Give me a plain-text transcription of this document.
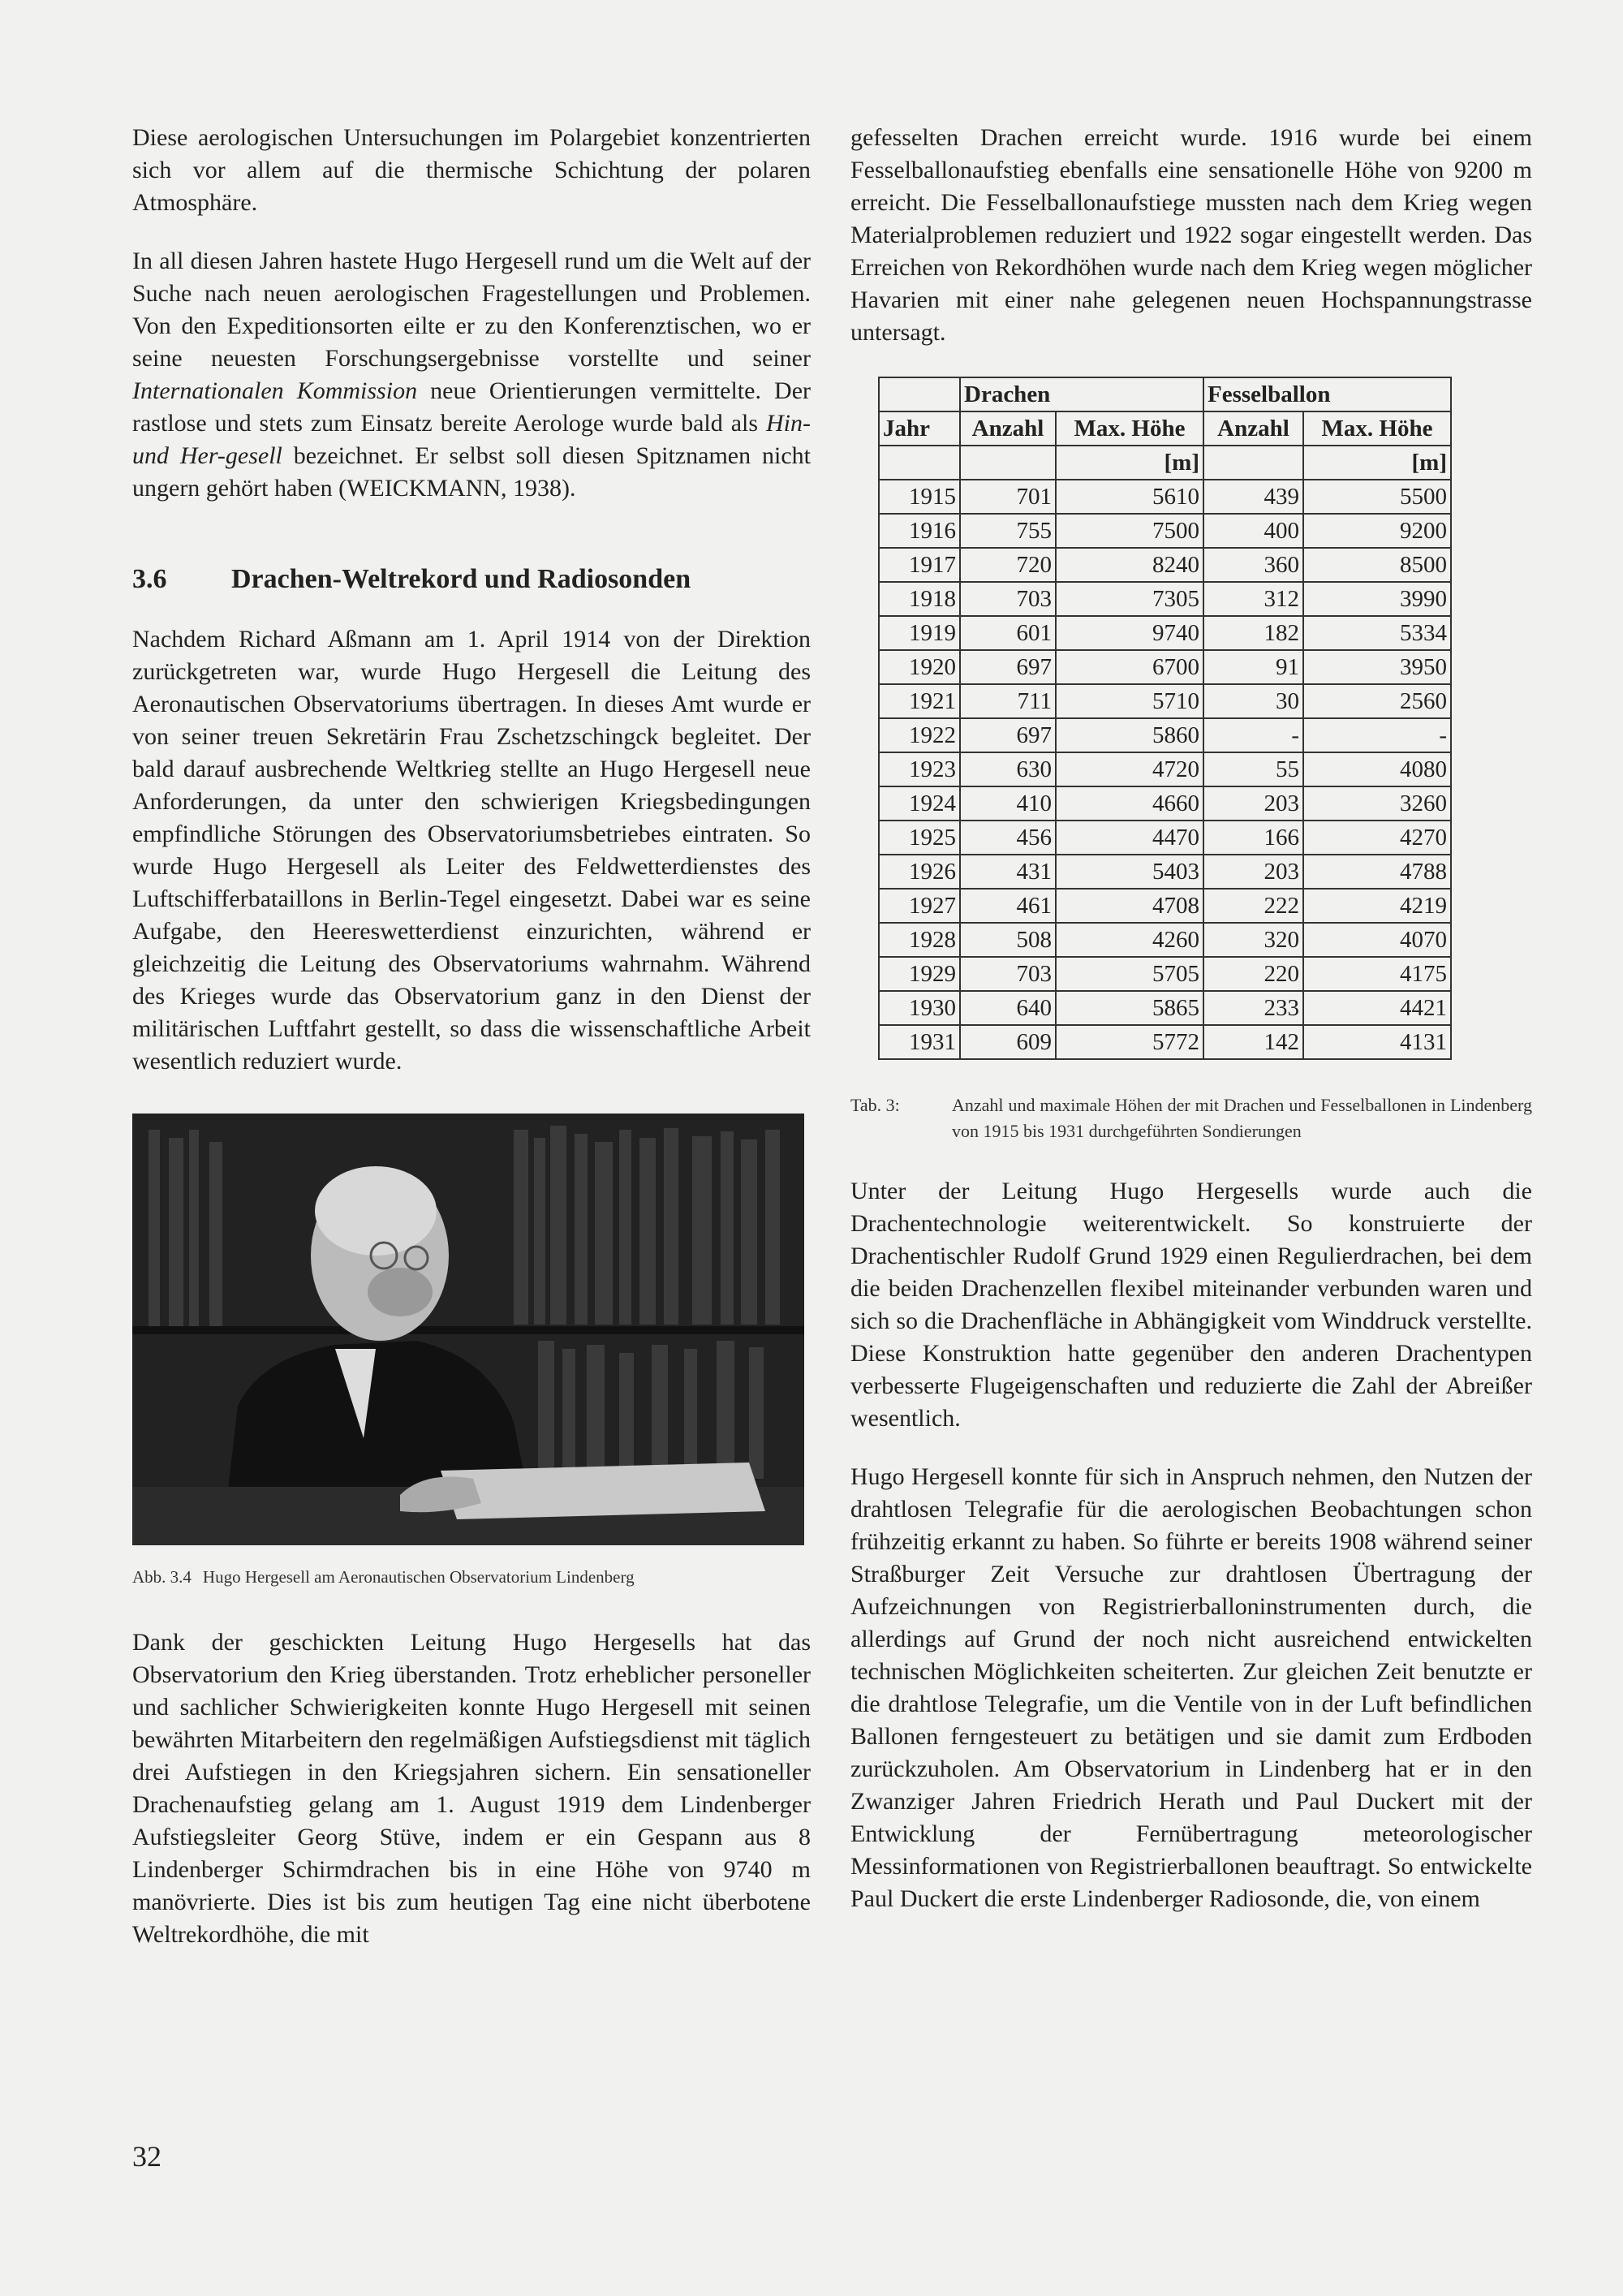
Diese aerologischen Untersuchungen im Polargebiet konzentrierten sich vor allem auf die thermische Schichtung der polaren Atmosphäre.

In all diesen Jahren hastete Hugo Hergesell rund um die Welt auf der Suche nach neuen aerologischen Fragestellungen und Problemen. Von den Expeditionsorten eilte er zu den Konferenztischen, wo er seine neuesten Forschungsergebnisse vorstellte und seiner Internationalen Kommission neue Orientierungen vermittelte. Der rastlose und stets zum Einsatz bereite Aerologe wurde bald als Hin- und Her-gesell bezeichnet. Er selbst soll diesen Spitznamen nicht ungern gehört haben (WEICKMANN, 1938).

3.6 Drachen-Weltrekord und Radiosonden

Nachdem Richard Aßmann am 1. April 1914 von der Direktion zurückgetreten war, wurde Hugo Hergesell die Leitung des Aeronautischen Observatoriums übertragen. In dieses Amt wurde er von seiner treuen Sekretärin Frau Zschetzschingck begleitet. Der bald darauf ausbrechende Weltkrieg stellte an Hugo Hergesell neue Anforderungen, da unter den schwierigen Kriegsbedingungen empfindliche Störungen des Observatoriumsbetriebes eintraten. So wurde Hugo Hergesell als Leiter des Feldwetterdienstes des Luftschifferbataillons in Berlin-Tegel eingesetzt. Dabei war es seine Aufgabe, den Heereswetterdienst einzurichten, während er gleichzeitig die Leitung des Observatoriums wahrnahm. Während des Krieges wurde das Observatorium ganz in den Dienst der militärischen Luftfahrt gestellt, so dass die wissenschaftliche Arbeit wesentlich reduziert wurde.

Abb. 3.4 Hugo Hergesell am Aeronautischen Observatorium Lindenberg

Dank der geschickten Leitung Hugo Hergesells hat das Observatorium den Krieg überstanden. Trotz erheblicher personeller und sachlicher Schwierigkeiten konnte Hugo Hergesell mit seinen bewährten Mitarbeitern den regelmäßigen Aufstiegsdienst mit täglich drei Aufstiegen in den Kriegsjahren sichern. Ein sensationeller Drachenaufstieg gelang am 1. August 1919 dem Lindenberger Aufstiegsleiter Georg Stüve, indem er ein Gespann aus 8 Lindenberger Schirmdrachen bis in eine Höhe von 9740 m manövrierte. Dies ist bis zum heutigen Tag eine nicht überbotene Weltrekordhöhe, die mit

gefesselten Drachen erreicht wurde. 1916 wurde bei einem Fesselballonaufstieg ebenfalls eine sensationelle Höhe von 9200 m erreicht. Die Fesselballonaufstiege mussten nach dem Krieg wegen Materialproblemen reduziert und 1922 sogar eingestellt werden. Das Erreichen von Rekordhöhen wurde nach dem Krieg wegen möglicher Havarien mit einer nahe gelegenen neuen Hochspannungstrasse untersagt.

	Drachen		Fesselballon	
Jahr	Anzahl	Max. Höhe	Anzahl	Max. Höhe
		[m]		[m]
1915	701	5610	439	5500
1916	755	7500	400	9200
1917	720	8240	360	8500
1918	703	7305	312	3990
1919	601	9740	182	5334
1920	697	6700	91	3950
1921	711	5710	30	2560
1922	697	5860	-	-
1923	630	4720	55	4080
1924	410	4660	203	3260
1925	456	4470	166	4270
1926	431	5403	203	4788
1927	461	4708	222	4219
1928	508	4260	320	4070
1929	703	5705	220	4175
1930	640	5865	233	4421
1931	609	5772	142	4131
Tab. 3:	Anzahl und maximale Höhen der mit Drachen und Fesselballonen in Lindenberg von 1915 bis 1931 durchgeführten Sondierungen

Unter der Leitung Hugo Hergesells wurde auch die Drachentechnologie weiterentwickelt. So konstruierte der Drachentischler Rudolf Grund 1929 einen Regulierdrachen, bei dem die beiden Drachenzellen flexibel miteinander verbunden waren und sich so die Drachenfläche in Abhängigkeit vom Winddruck verstellte. Diese Konstruktion hatte gegenüber den anderen Drachentypen verbesserte Flugeigenschaften und reduzierte die Zahl der Abreißer wesentlich.

Hugo Hergesell konnte für sich in Anspruch nehmen, den Nutzen der drahtlosen Telegrafie für die aerologischen Beobachtungen schon frühzeitig erkannt zu haben. So führte er bereits 1908 während seiner Straßburger Zeit Versuche zur drahtlosen Übertragung der Aufzeichnungen von Registrierballoninstrumenten durch, die allerdings auf Grund der noch nicht ausreichend entwickelten technischen Möglichkeiten scheiterten. Zur gleichen Zeit benutzte er die drahtlose Telegrafie, um die Ventile von in der Luft befindlichen Ballonen ferngesteuert zu betätigen und sie damit zum Erdboden zurückzuholen. Am Observatorium in Lindenberg hat er in den Zwanziger Jahren Friedrich Herath und Paul Duckert mit der Entwicklung der Fernübertragung meteorologischer Messinformationen von Registrierballonen beauftragt. So entwickelte Paul Duckert die erste Lindenberger Radiosonde, die, von einem

32
